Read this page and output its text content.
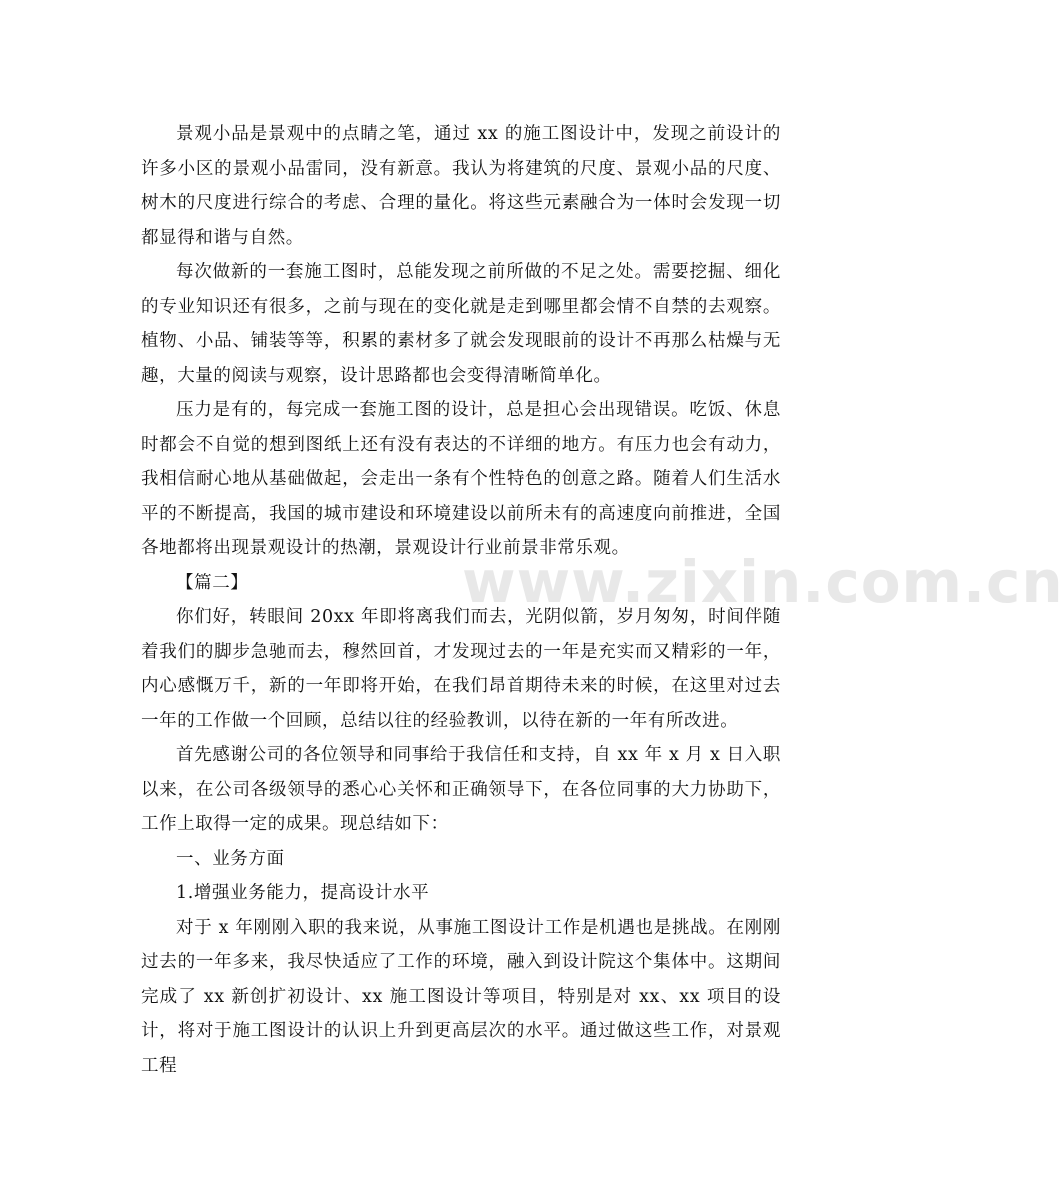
景观小品是景观中的点睛之笔，通过 xx 的施工图设计中，发现之前设计的许多小区的景观小品雷同，没有新意。我认为将建筑的尺度、景观小品的尺度、树木的尺度进行综合的考虑、合理的量化。将这些元素融合为一体时会发现一切都显得和谐与自然。

每次做新的一套施工图时，总能发现之前所做的不足之处。需要挖掘、细化的专业知识还有很多，之前与现在的变化就是走到哪里都会情不自禁的去观察。植物、小品、铺装等等，积累的素材多了就会发现眼前的设计不再那么枯燥与无趣，大量的阅读与观察，设计思路都也会变得清晰简单化。

压力是有的，每完成一套施工图的设计，总是担心会出现错误。吃饭、休息时都会不自觉的想到图纸上还有没有表达的不详细的地方。有压力也会有动力，我相信耐心地从基础做起，会走出一条有个性特色的创意之路。随着人们生活水平的不断提高，我国的城市建设和环境建设以前所未有的高速度向前推进，全国各地都将出现景观设计的热潮，景观设计行业前景非常乐观。

【篇二】

你们好，转眼间 20xx 年即将离我们而去，光阴似箭，岁月匆匆，时间伴随着我们的脚步急驰而去，穆然回首，才发现过去的一年是充实而又精彩的一年，内心感慨万千，新的一年即将开始，在我们昂首期待未来的时候，在这里对过去一年的工作做一个回顾，总结以往的经验教训，以待在新的一年有所改进。

首先感谢公司的各位领导和同事给于我信任和支持，自 xx 年 x 月 x 日入职以来，在公司各级领导的悉心心关怀和正确领导下，在各位同事的大力协助下，工作上取得一定的成果。现总结如下：

一、业务方面

1.增强业务能力，提高设计水平

对于 x 年刚刚入职的我来说，从事施工图设计工作是机遇也是挑战。在刚刚过去的一年多来，我尽快适应了工作的环境，融入到设计院这个集体中。这期间完成了 xx 新创扩初设计、xx 施工图设计等项目，特别是对 xx、xx 项目的设计，将对于施工图设计的认识上升到更高层次的水平。通过做这些工作，对景观工程

www.zixin.com.cn
